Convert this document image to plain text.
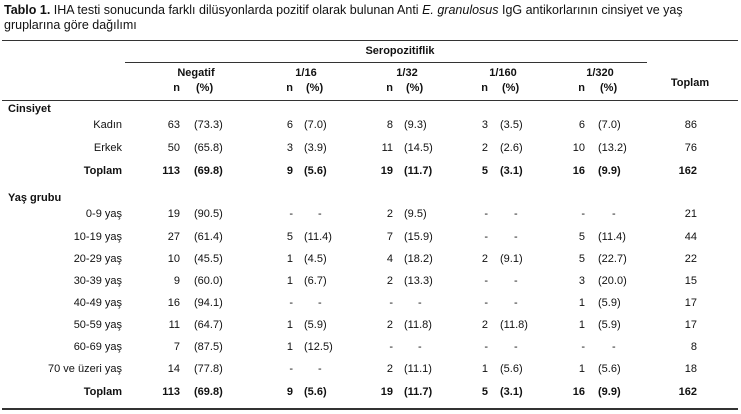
Tablo 1. IHA testi sonucunda farklı dilüsyonlarda pozitif olarak bulunan Anti E. granulosus IgG antikorlarının cinsiyet ve yaş gruplarına göre dağılımı
Seropozitiflik
Negatif
n (%)
1/16
n (%)
1/32
n (%)
1/160
n (%)
1/320
n (%)	Toplam
Cinsiyet
Kadın	63 (73.3)	6 (7.0)	8 (9.3)	3 (3.5)	6 (7.0)	86
Erkek	50 (65.8)	3 (3.9)	11 (14.5)	2 (2.6)	10 (13.2)	76
Toplam	113 (69.8)	9 (5.6)	19 (11.7)	5 (3.1)	16 (9.9)	162
Yaş grubu
0-9 yaş	19 (90.5)	-	-	2 (9.5)	-	-	-	-	21
10-19 yaş	27 (61.4)	5 (11.4)	7 (15.9)	-	-	5 (11.4)	44
20-29 yaş	10 (45.5)	1 (4.5)	4 (18.2)	2 (9.1)	5 (22.7)	22
30-39 yaş	9 (60.0)	1 (6.7)	2 (13.3)	-	-	3 (20.0)	15
40-49 yaş	16 (94.1)	-	-	-	-	-	-	1 (5.9)	17
50-59 yaş	11 (64.7)	1 (5.9)	2 (11.8)	2 (11.8)	1 (5.9)	17
60-69 yaş	7 (87.5)	1 (12.5)	-	-	-	-	-	-	8
70 ve üzeri yaş	14 (77.8)	-	-	2 (11.1)	1 (5.6)	1 (5.6)	18
Toplam	113 (69.8)	9 (5.6)	19 (11.7)	5 (3.1)	16 (9.9)	162
